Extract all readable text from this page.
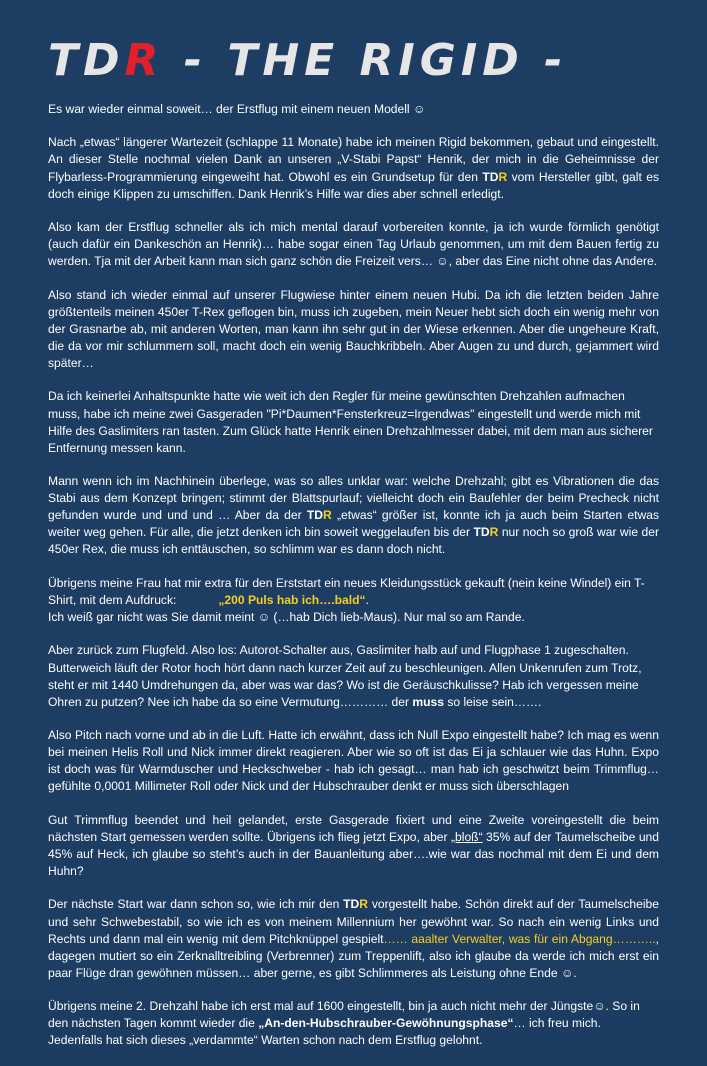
TDR - THE RIGID -

Es war wieder einmal soweit… der Erstflug mit einem neuen Modell ☺

Nach „etwas“ längerer Wartezeit (schlappe 11 Monate) habe ich meinen Rigid bekommen, gebaut und eingestellt. An dieser Stelle nochmal vielen Dank an unseren „V-Stabi Papst“ Henrik, der mich in die Geheimnisse der Flybarless-Programmierung eingeweiht hat. Obwohl es ein Grundsetup für den TDR vom Hersteller gibt, galt es doch einige Klippen zu umschiffen. Dank Henrik’s Hilfe war dies aber schnell erledigt.

Also kam der Erstflug schneller als ich mich mental darauf vorbereiten konnte, ja ich wurde förmlich genötigt (auch dafür ein Dankeschön an Henrik)… habe sogar einen Tag Urlaub genommen, um mit dem Bauen fertig zu werden. Tja mit der Arbeit kann man sich ganz schön die Freizeit vers… ☺, aber das Eine nicht ohne das Andere.

Also stand ich wieder einmal auf unserer Flugwiese hinter einem neuen Hubi. Da ich die letzten beiden Jahre größtenteils meinen 450er T-Rex geflogen bin, muss ich zugeben, mein Neuer hebt sich doch ein wenig mehr von der Grasnarbe ab, mit anderen Worten, man kann ihn sehr gut in der Wiese erkennen. Aber die ungeheure Kraft, die da vor mir schlummern soll, macht doch ein wenig Bauchkribbeln. Aber Augen zu und durch, gejammert wird später…

Da ich keinerlei Anhaltspunkte hatte wie weit ich den Regler für meine gewünschten Drehzahlen aufmachen muss, habe ich meine zwei Gasgeraden "Pi*Daumen*Fensterkreuz=Irgendwas" eingestellt und werde mich mit Hilfe des Gaslimiters ran tasten. Zum Glück hatte Henrik einen Drehzahlmesser dabei, mit dem man aus sicherer Entfernung messen kann.

Mann wenn ich im Nachhinein überlege, was so alles unklar war: welche Drehzahl; gibt es Vibrationen die das Stabi aus dem Konzept bringen; stimmt der Blattspurlauf; vielleicht doch ein Baufehler der beim Precheck nicht gefunden wurde und und und … Aber da der TDR „etwas“ größer ist, konnte ich ja auch beim Starten etwas weiter weg gehen. Für alle, die jetzt denken ich bin soweit weggelaufen bis der TDR nur noch so groß war wie der 450er Rex, die muss ich enttäuschen, so schlimm war es dann doch nicht.

Übrigens meine Frau hat mir extra für den Erststart ein neues Kleidungsstück gekauft (nein keine Windel) ein T-Shirt, mit dem Aufdruck:	„200 Puls hab ich….bald“.
Ich weiß gar nicht was Sie damit meint ☺ (…hab Dich lieb-Maus). Nur mal so am Rande.

Aber zurück zum Flugfeld. Also los: Autorot-Schalter aus, Gaslimiter halb auf und Flugphase 1 zugeschalten. Butterweich läuft der Rotor hoch hört dann nach kurzer Zeit auf zu beschleunigen. Allen Unkenrufen zum Trotz, steht er mit 1440 Umdrehungen da, aber was war das? Wo ist die Geräuschkulisse? Hab ich vergessen meine Ohren zu putzen? Nee ich habe da so eine Vermutung………… der muss so leise sein…….

Also Pitch nach vorne und ab in die Luft. Hatte ich erwähnt, dass ich Null Expo eingestellt habe? Ich mag es wenn bei meinen Helis Roll und Nick immer direkt reagieren. Aber wie so oft ist das Ei ja schlauer wie das Huhn. Expo ist doch was für Warmduscher und Heckschweber - hab ich gesagt… man hab ich geschwitzt beim Trimmflug… gefühlte 0,0001 Millimeter Roll oder Nick und der Hubschrauber denkt er muss sich überschlagen

Gut Trimmflug beendet und heil gelandet, erste Gasgerade fixiert und eine Zweite voreingestellt die beim nächsten Start gemessen werden sollte. Übrigens ich flieg jetzt Expo, aber „bloß“ 35% auf der Taumelscheibe und 45% auf Heck, ich glaube so steht’s auch in der Bauanleitung aber….wie war das nochmal mit dem Ei und dem Huhn?

Der nächste Start war dann schon so, wie ich mir den TDR vorgestellt habe. Schön direkt auf der Taumelscheibe und sehr Schwebestabil, so wie ich es von meinem Millennium her gewöhnt war. So nach ein wenig Links und Rechts und dann mal ein wenig mit dem Pitchknüppel gespielt…… aaalter Verwalter, was für ein Abgang……….., dagegen mutiert so ein Zerknalltreibling (Verbrenner) zum Treppenlift, also ich glaube da werde ich mich erst ein paar Flüge dran gewöhnen müssen… aber gerne, es gibt Schlimmeres als Leistung ohne Ende ☺.

Übrigens meine 2. Drehzahl habe ich erst mal auf 1600 eingestellt, bin ja auch nicht mehr der Jüngste☺. So in den nächsten Tagen kommt wieder die „An-den-Hubschrauber-Gewöhnungsphase“… ich freu mich.
Jedenfalls hat sich dieses „verdammte“ Warten schon nach dem Erstflug gelohnt.
